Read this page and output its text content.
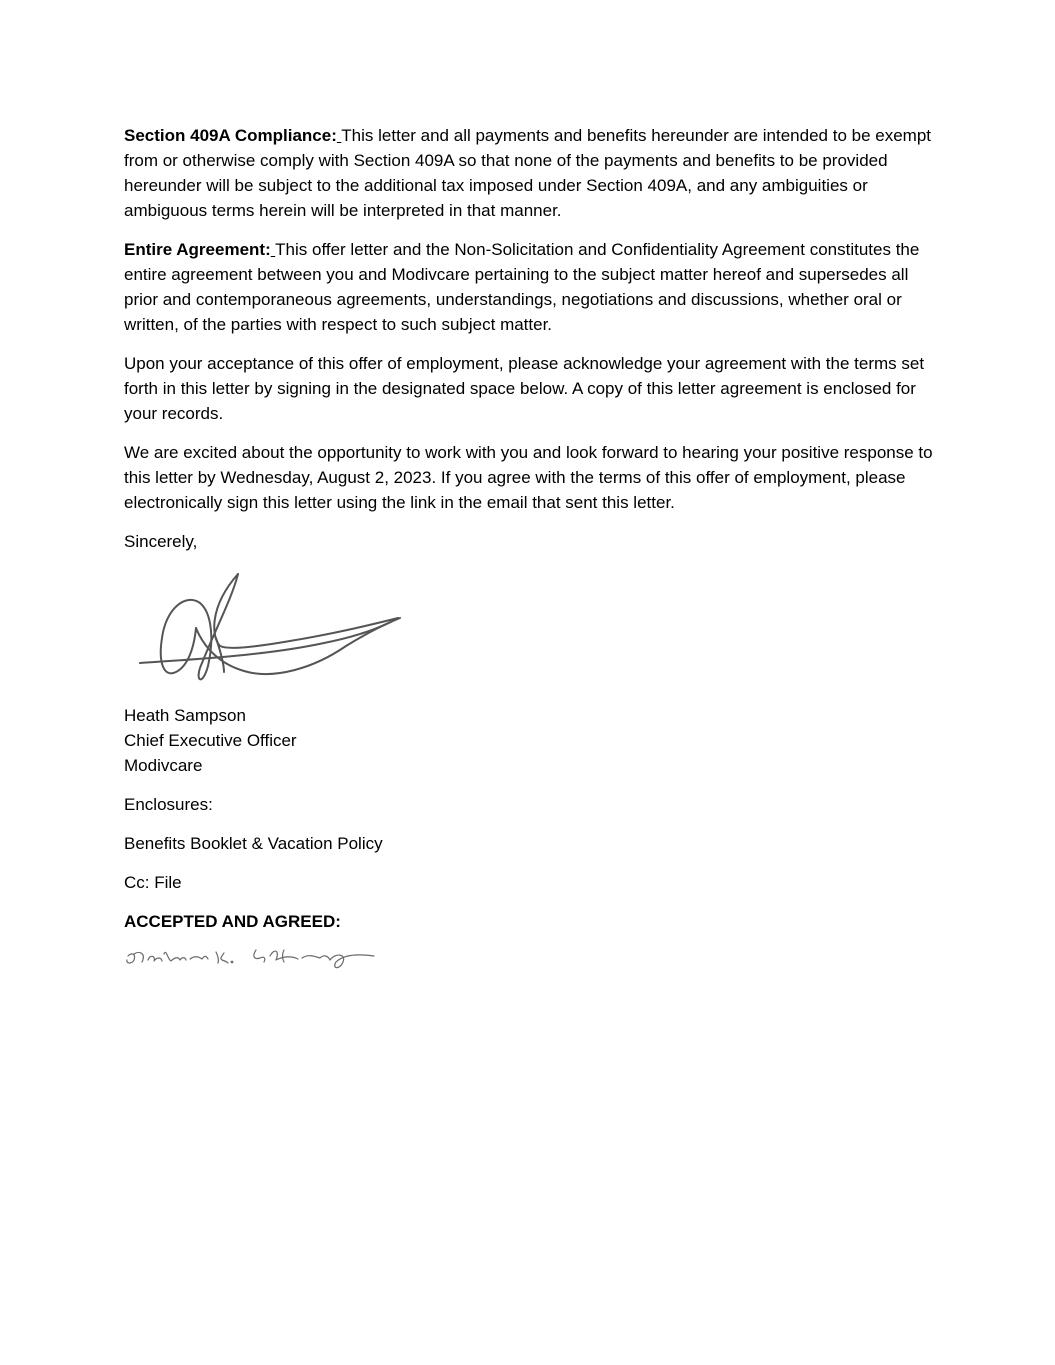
Section 409A Compliance: This letter and all payments and benefits hereunder are intended to be exempt from or otherwise comply with Section 409A so that none of the payments and benefits to be provided hereunder will be subject to the additional tax imposed under Section 409A, and any ambiguities or ambiguous terms herein will be interpreted in that manner.

Entire Agreement: This offer letter and the Non-Solicitation and Confidentiality Agreement constitutes the entire agreement between you and Modivcare pertaining to the subject matter hereof and supersedes all prior and contemporaneous agreements, understandings, negotiations and discussions, whether oral or written, of the parties with respect to such subject matter.

Upon your acceptance of this offer of employment, please acknowledge your agreement with the terms set forth in this letter by signing in the designated space below. A copy of this letter agreement is enclosed for your records.

We are excited about the opportunity to work with you and look forward to hearing your positive response to this letter by Wednesday, August 2, 2023. If you agree with the terms of this offer of employment, please electronically sign this letter using the link in the email that sent this letter.

Sincerely,

Heath Sampson

Chief Executive Officer

Modivcare

Enclosures:

Benefits Booklet & Vacation Policy

Cc: File

ACCEPTED AND AGREED:
